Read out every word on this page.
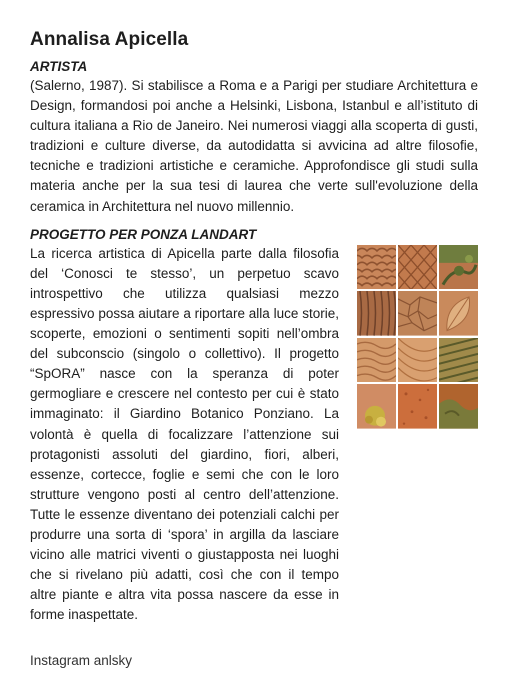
Annalisa Apicella

ARTISTA

(Salerno, 1987). Si stabilisce a Roma e a Parigi per studiare Architettura e Design, formandosi poi anche a Helsinki, Lisbona, Istanbul e all’istituto di cultura italiana a Rio de Janeiro. Nei numerosi viaggi alla scoperta di gusti, tradizioni e culture diverse, da autodidatta si avvicina ad altre filosofie, tecniche e tradizioni artistiche e ceramiche. Approfondisce gli studi sulla materia anche per la sua tesi di laurea che verte sull'evoluzione della ceramica in Architettura nel nuovo millennio.

PROGETTO PER PONZA LANDART

La ricerca artistica di Apicella parte dalla filosofia del ‘Conosci te stesso’, un perpetuo scavo introspettivo che utilizza qualsiasi mezzo espressivo possa aiutare a riportare alla luce storie, scoperte, emozioni o sentimenti sopiti nell’ombra del subconscio (singolo o collettivo). Il progetto “SpORA” nasce con la speranza di poter germogliare e crescere nel contesto per cui è stato immaginato: il Giardino Botanico Ponziano. La volontà è quella di focalizzare l’attenzione sui protagonisti assoluti del giardino, fiori, alberi, essenze, cortecce, foglie e semi che con le loro strutture vengono posti al centro dell’attenzione. Tutte le essenze diventano dei potenziali calchi per produrre una sorta di ‘spora’ in argilla da lasciare vicino alle matrici viventi o giustapposta nei luoghi che si rivelano più adatti, così che con il tempo altre piante e altra vita possa nascere da esse in forme inaspettate.

Instagram anlsky
